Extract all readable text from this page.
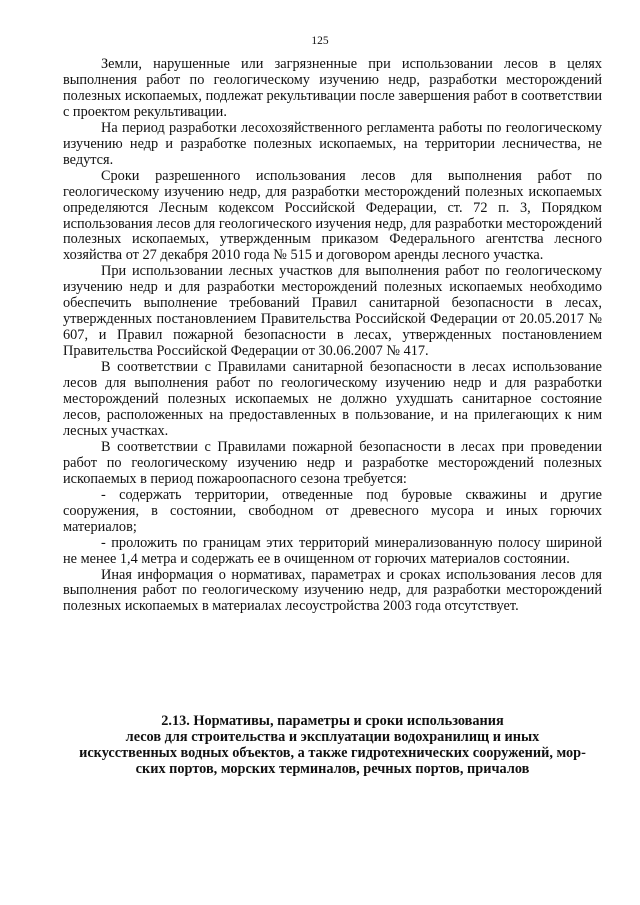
125

Земли, нарушенные или загрязненные при использовании лесов в целях выполнения работ по геологическому изучению недр, разработки месторождений полезных ископаемых, подлежат рекультивации после завершения работ в соответствии с проектом рекультивации.

На период разработки лесохозяйственного регламента работы по геологическому изучению недр и разработке полезных ископаемых, на территории лесничества, не ведутся.

Сроки разрешенного использования лесов для выполнения работ по геологическому изучению недр, для разработки месторождений полезных ископаемых определяются Лесным кодексом Российской Федерации, ст. 72 п. 3, Порядком использования лесов для геологического изучения недр, для разработки месторождений полезных ископаемых, утвержденным приказом Федерального агентства лесного хозяйства от 27 декабря 2010 года № 515 и договором аренды лесного участка.

При использовании лесных участков для выполнения работ по геологическому изучению недр и для разработки месторождений полезных ископаемых необходимо обеспечить выполнение требований Правил санитарной безопасности в лесах, утвержденных постановлением Правительства Российской Федерации от 20.05.2017 № 607, и Правил пожарной безопасности в лесах, утвержденных постановлением Правительства Российской Федерации от 30.06.2007 № 417.

В соответствии с Правилами санитарной безопасности в лесах использование лесов для выполнения работ по геологическому изучению недр и для разработки месторождений полезных ископаемых не должно ухудшать санитарное состояние лесов, расположенных на предоставленных в пользование, и на прилегающих к ним лесных участках.

В соответствии с Правилами пожарной безопасности в лесах при проведении работ по геологическому изучению недр и разработке месторождений полезных ископаемых в период пожароопасного сезона требуется:

- содержать территории, отведенные под буровые скважины и другие сооружения, в состоянии, свободном от древесного мусора и иных горючих материалов;

- проложить по границам этих территорий минерализованную полосу шириной не менее 1,4 метра и содержать ее в очищенном от горючих материалов состоянии.

Иная информация о нормативах, параметрах и сроках использования лесов для выполнения работ по геологическому изучению недр, для разработки месторождений полезных ископаемых в материалах лесоустройства 2003 года отсутствует.

2.13. Нормативы, параметры и сроки использования
лесов для строительства и эксплуатации водохранилищ и иных
искусственных водных объектов, а также гидротехнических сооружений, мор-
ских портов, морских терминалов, речных портов, причалов
